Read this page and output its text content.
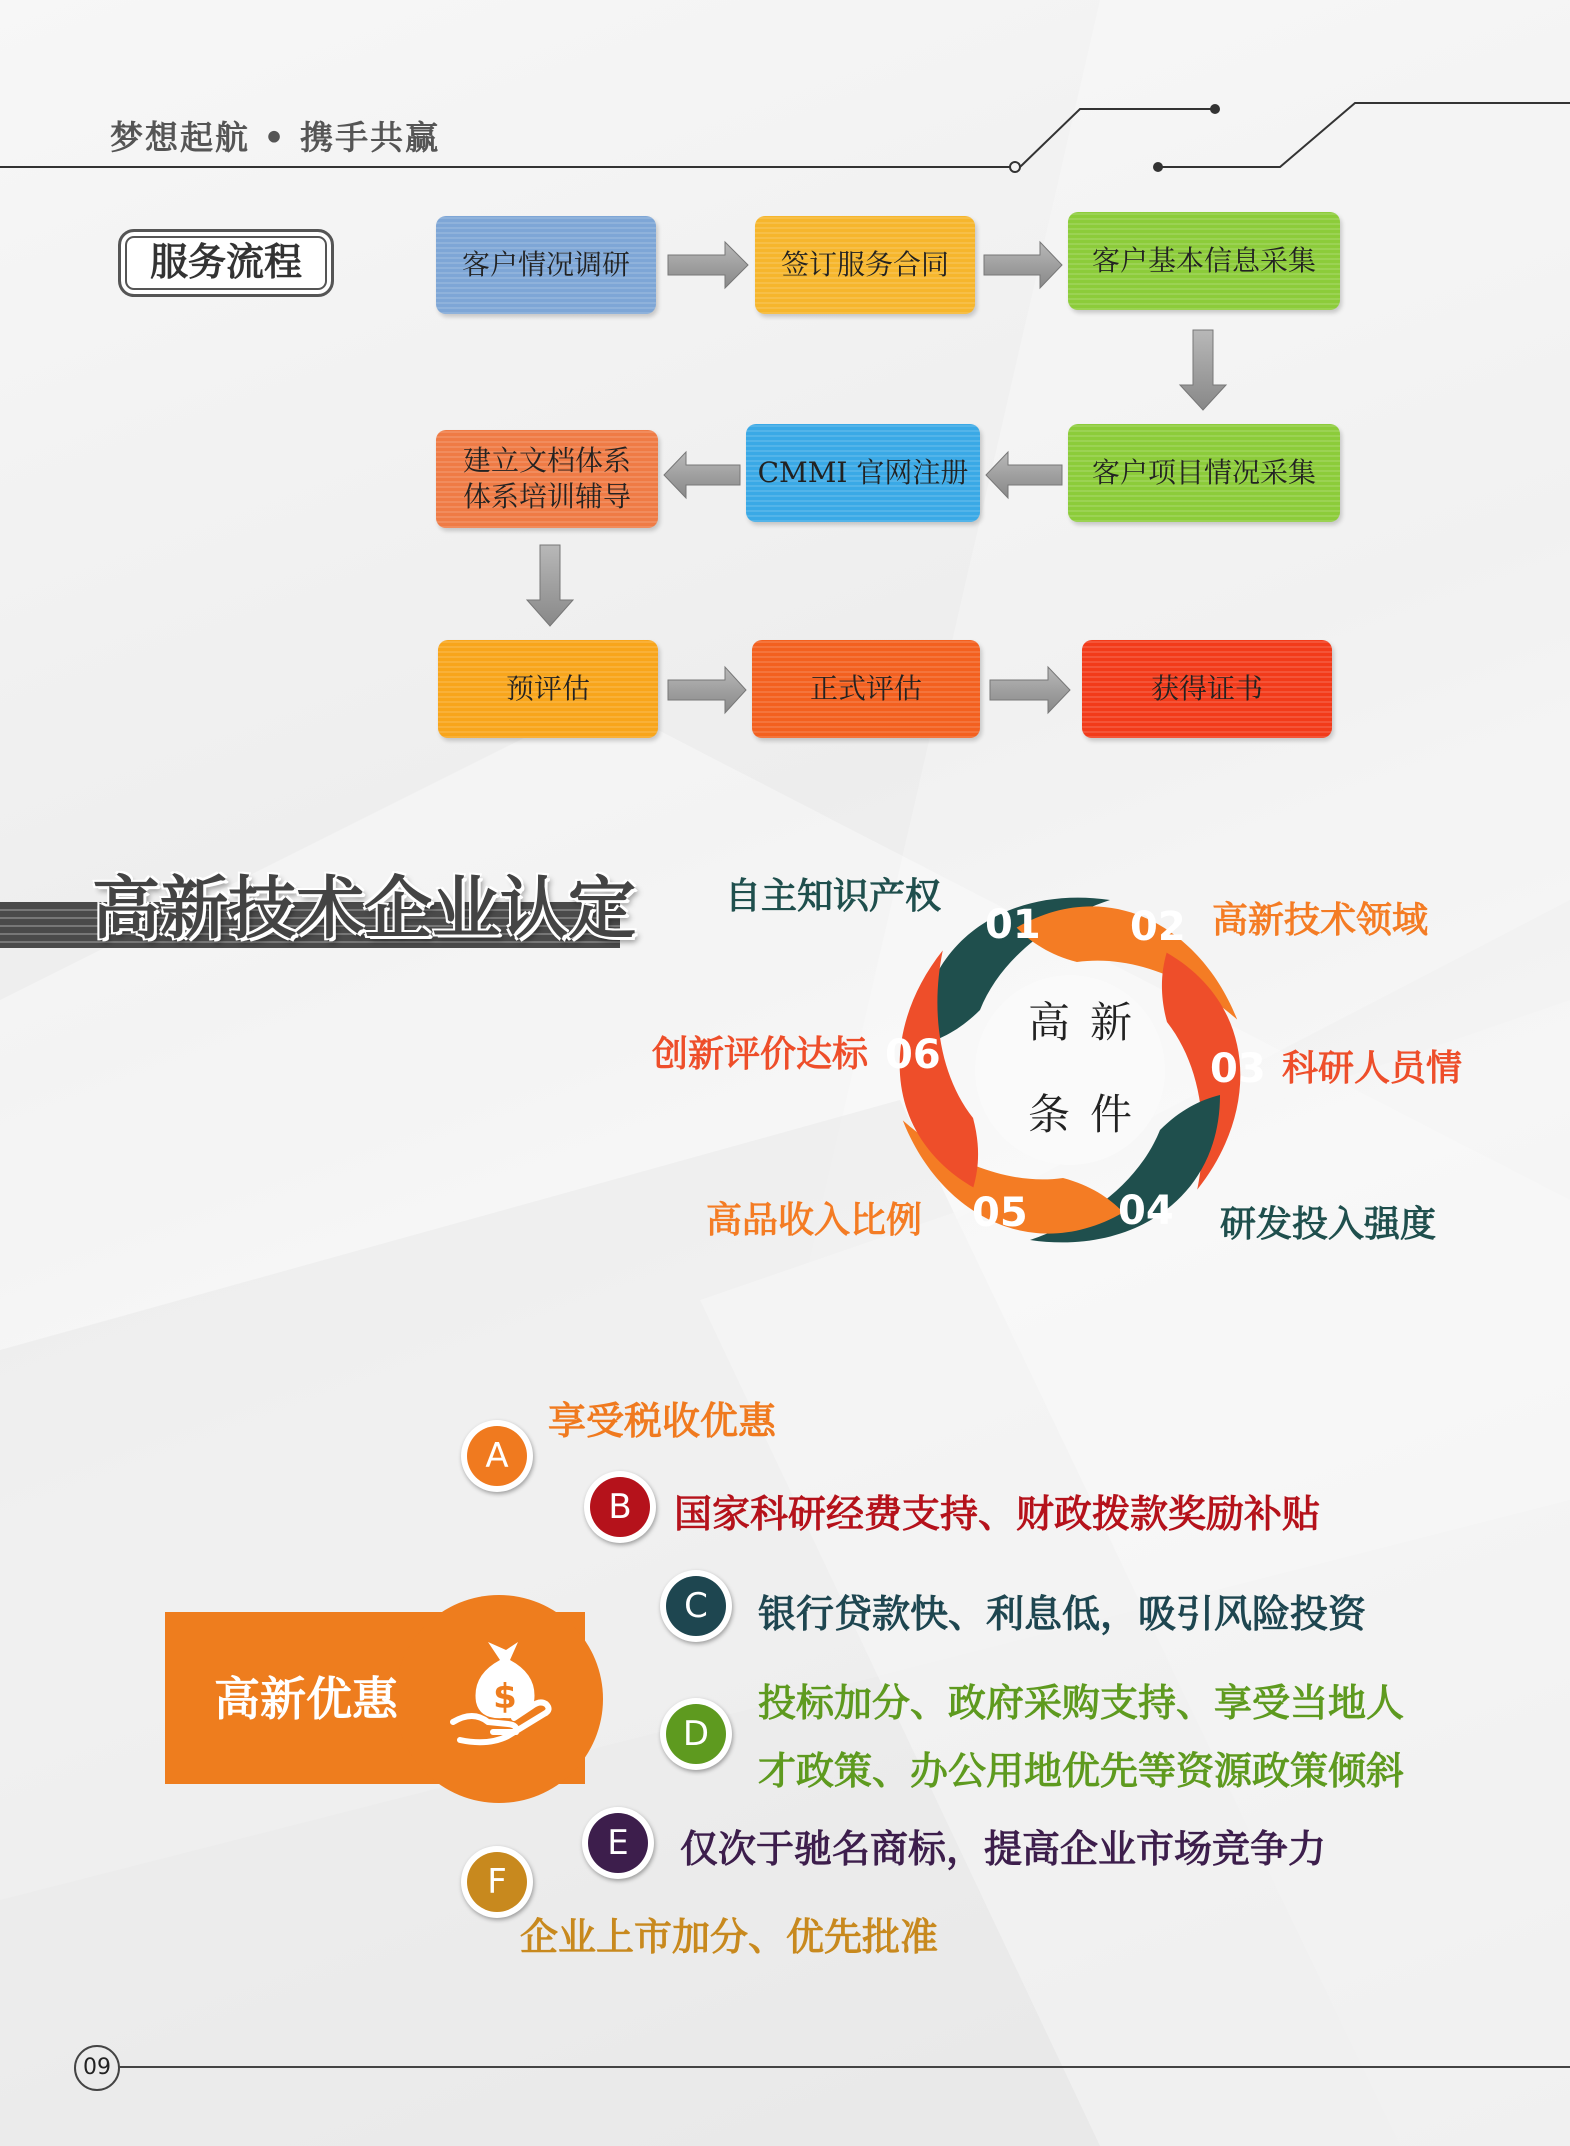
梦想起航 • 携手共赢
服务流程	客户情况调研	签订服务合同	客户基本信息采集
客户项目情况采集
CMMI 官网注册
建立文档体系
体系培训辅导
预评估	正式评估	获得证书
高新技术企业认定	01 02
03
04
05
06
高 新
条 件
自主知识产权
高新技术领域
科研人员情
研发投入强度
高品收入比例
创新评价达标
高新优惠	$
A
享受税收优惠
B	国家科研经费支持、财政拨款奖励补贴
C	银行贷款快、利息低，吸引风险投资
D
投标加分、政府采购支持、享受当地人
才政策、办公用地优先等资源政策倾斜
E	仅次于驰名商标，提高企业市场竞争力
F
企业上市加分、优先批准
09
